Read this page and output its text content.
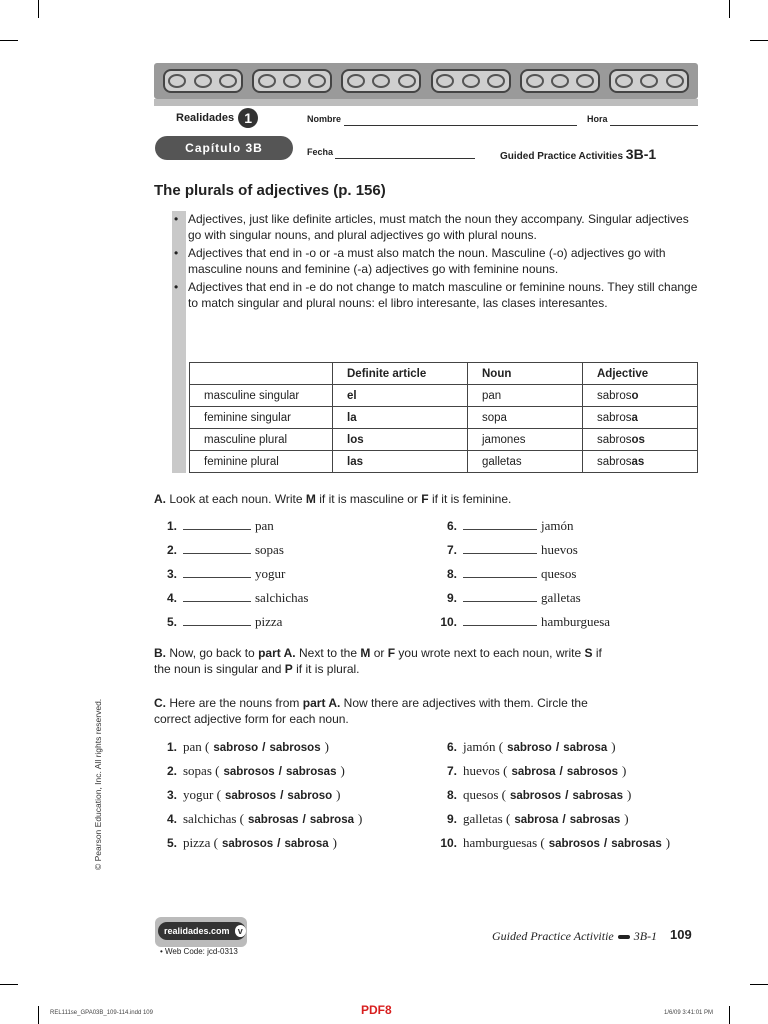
Realidades 1	Nombre	Hora
Fecha
Capítulo 3B
Guided Practice Activities 3B-1
The plurals of adjectives (p. 156)
• Adjectives, just like definite articles, must match the noun they accompany. Singular adjectives go with singular nouns, and plural adjectives go with plural nouns.
• Adjectives that end in -o or -a must also match the noun. Masculine (-o) adjectives go with masculine nouns and feminine (-a) adjectives go with feminine nouns.
• Adjectives that end in -e do not change to match masculine or feminine nouns. They still change to match singular and plural nouns: el libro interesante, las clases interesantes.
	Definite article	Noun	Adjective
masculine singular	el	pan	sabroso
feminine singular	la	sopa	sabrosa
masculine plural	los	jamones	sabrosos
feminine plural	las	galletas	sabrosas
A. Look at each noun. Write M if it is masculine or F if it is feminine.
1.	pan
2.	sopas
3.	yogur
4.	salchichas
5.	pizza
6.	jamón
7.	huevos
8.	quesos
9.	galletas
10.	hamburguesa
B. Now, go back to part A. Next to the M or F you wrote next to each noun, write S if
the noun is singular and P if it is plural.
C. Here are the nouns from part A. Now there are adjectives with them. Circle the
correct adjective form for each noun.
1. pan ( sabroso / sabrosos )
2. sopas ( sabrosos / sabrosas )
3. yogur ( sabrosos / sabroso )
4. salchichas ( sabrosas / sabrosa )
5. pizza ( sabrosos / sabrosa )
6. jamón ( sabroso / sabrosa )
7. huevos ( sabrosa / sabrosos )
8. quesos ( sabrosos / sabrosas )
9. galletas ( sabrosa / sabrosas )
10. hamburguesas ( sabrosos / sabrosas )
© Pearson Education, Inc. All rights reserved.
realidades.com v
• Web Code: jcd-0313
Guided Practice Activitie 3B-1 109
REL111se_GPA03B_109-114.indd 109	PDF8	1/6/09 3:41:01 PM
